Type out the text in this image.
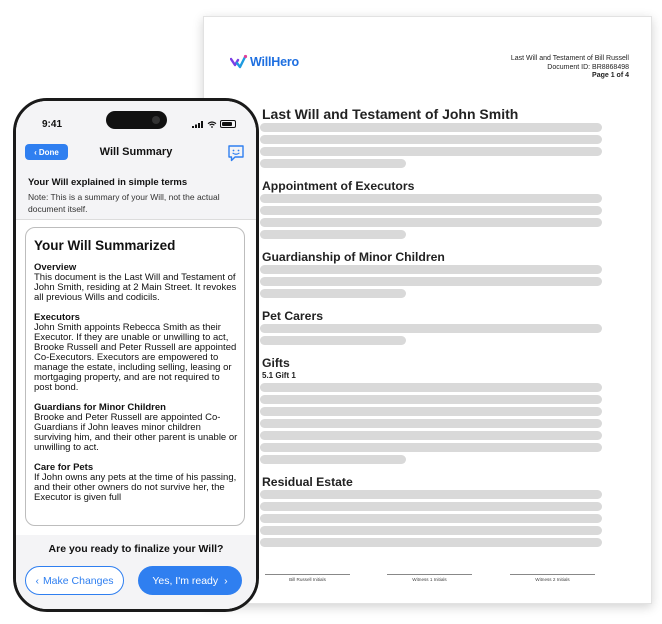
WillHero	Last Will and Testament of Bill Russell
Document ID: BR8868498
Page 1 of 4
Last Will and Testament of John Smith
Appointment of Executors
Guardianship of Minor Children
Pet Carers
Gifts
5.1 Gift 1
Residual Estate
Bill Russell Initials	Witness 1 Initials	Witness 2 Initials
9:41
‹ Done	Will Summary
Your Will explained in simple terms
Note: This is a summary of your Will, not the actual document itself.
Your Will Summarized
Overview

This document is the Last Will and Testament of John Smith, residing at 2 Main Street. It revokes all previous Wills and codicils.

Executors

John Smith appoints Rebecca Smith as their Executor. If they are unable or unwilling to act, Brooke Russell and Peter Russell are appointed Co-Executors. Executors are empowered to manage the estate, including selling, leasing or mortgaging property, and are not required to post bond.

Guardians for Minor Children

Brooke and Peter Russell are appointed Co-Guardians if John leaves minor children surviving him, and their other parent is unable or unwilling to act.

Care for Pets

If John owns any pets at the time of his passing, and their other owners do not survive her, the Executor is given full

Are you ready to finalize your Will?
‹ Make Changes	Yes, I'm ready ›
